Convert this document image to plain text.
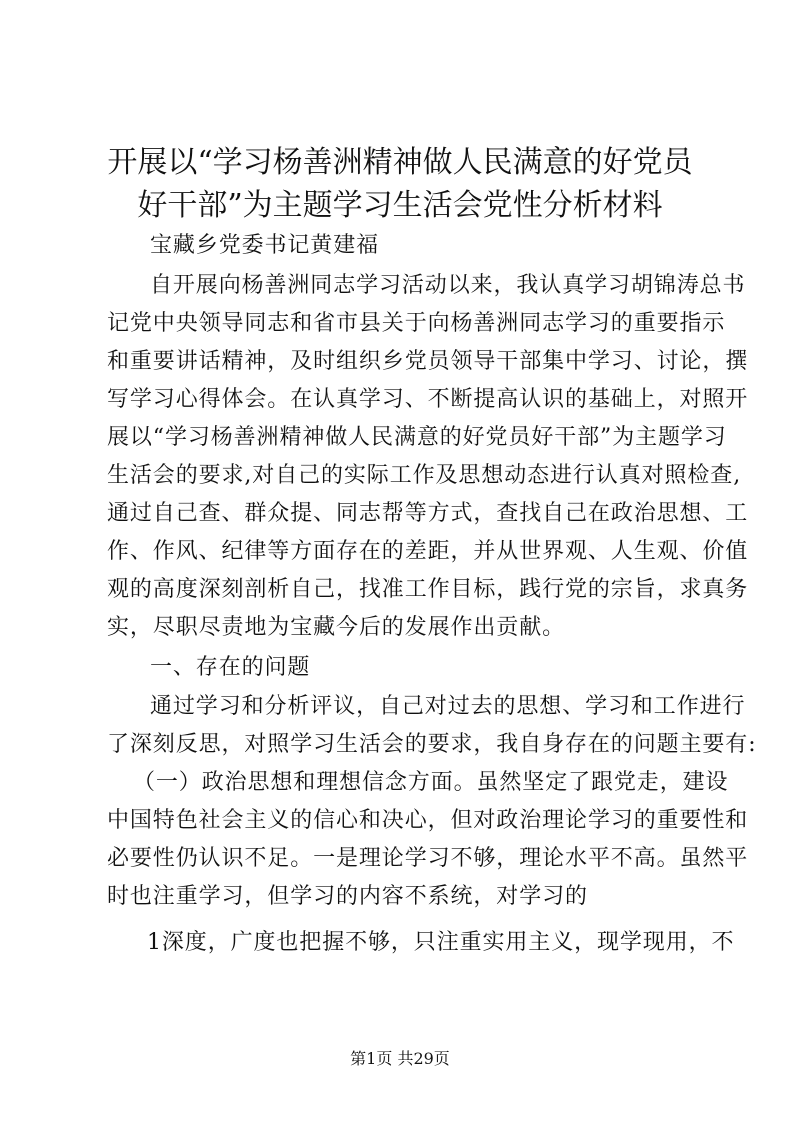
开展以“学习杨善洲精神做人民满意的好党员
好干部”为主题学习生活会党性分析材料
宝藏乡党委书记黄建福
自开展向杨善洲同志学习活动以来，我认真学习胡锦涛总书
记党中央领导同志和省市县关于向杨善洲同志学习的重要指示
和重要讲话精神，及时组织乡党员领导干部集中学习、讨论，撰
写学习心得体会。在认真学习、不断提高认识的基础上，对照开
展以“学习杨善洲精神做人民满意的好党员好干部”为主题学习
生活会的要求,对自己的实际工作及思想动态进行认真对照检查,
通过自己查、群众提、同志帮等方式，查找自己在政治思想、工
作、作风、纪律等方面存在的差距，并从世界观、人生观、价值
观的高度深刻剖析自己，找准工作目标，践行党的宗旨，求真务
实，尽职尽责地为宝藏今后的发展作出贡献。
一、存在的问题
通过学习和分析评议，自己对过去的思想、学习和工作进行
了深刻反思，对照学习生活会的要求，我自身存在的问题主要有:
（一）政治思想和理想信念方面。虽然坚定了跟党走，建设
中国特色社会主义的信心和决心，但对政治理论学习的重要性和
必要性仍认识不足。一是理论学习不够，理论水平不高。虽然平
时也注重学习，但学习的内容不系统，对学习的
1深度，广度也把握不够，只注重实用主义，现学现用，不
第1页 共29页
